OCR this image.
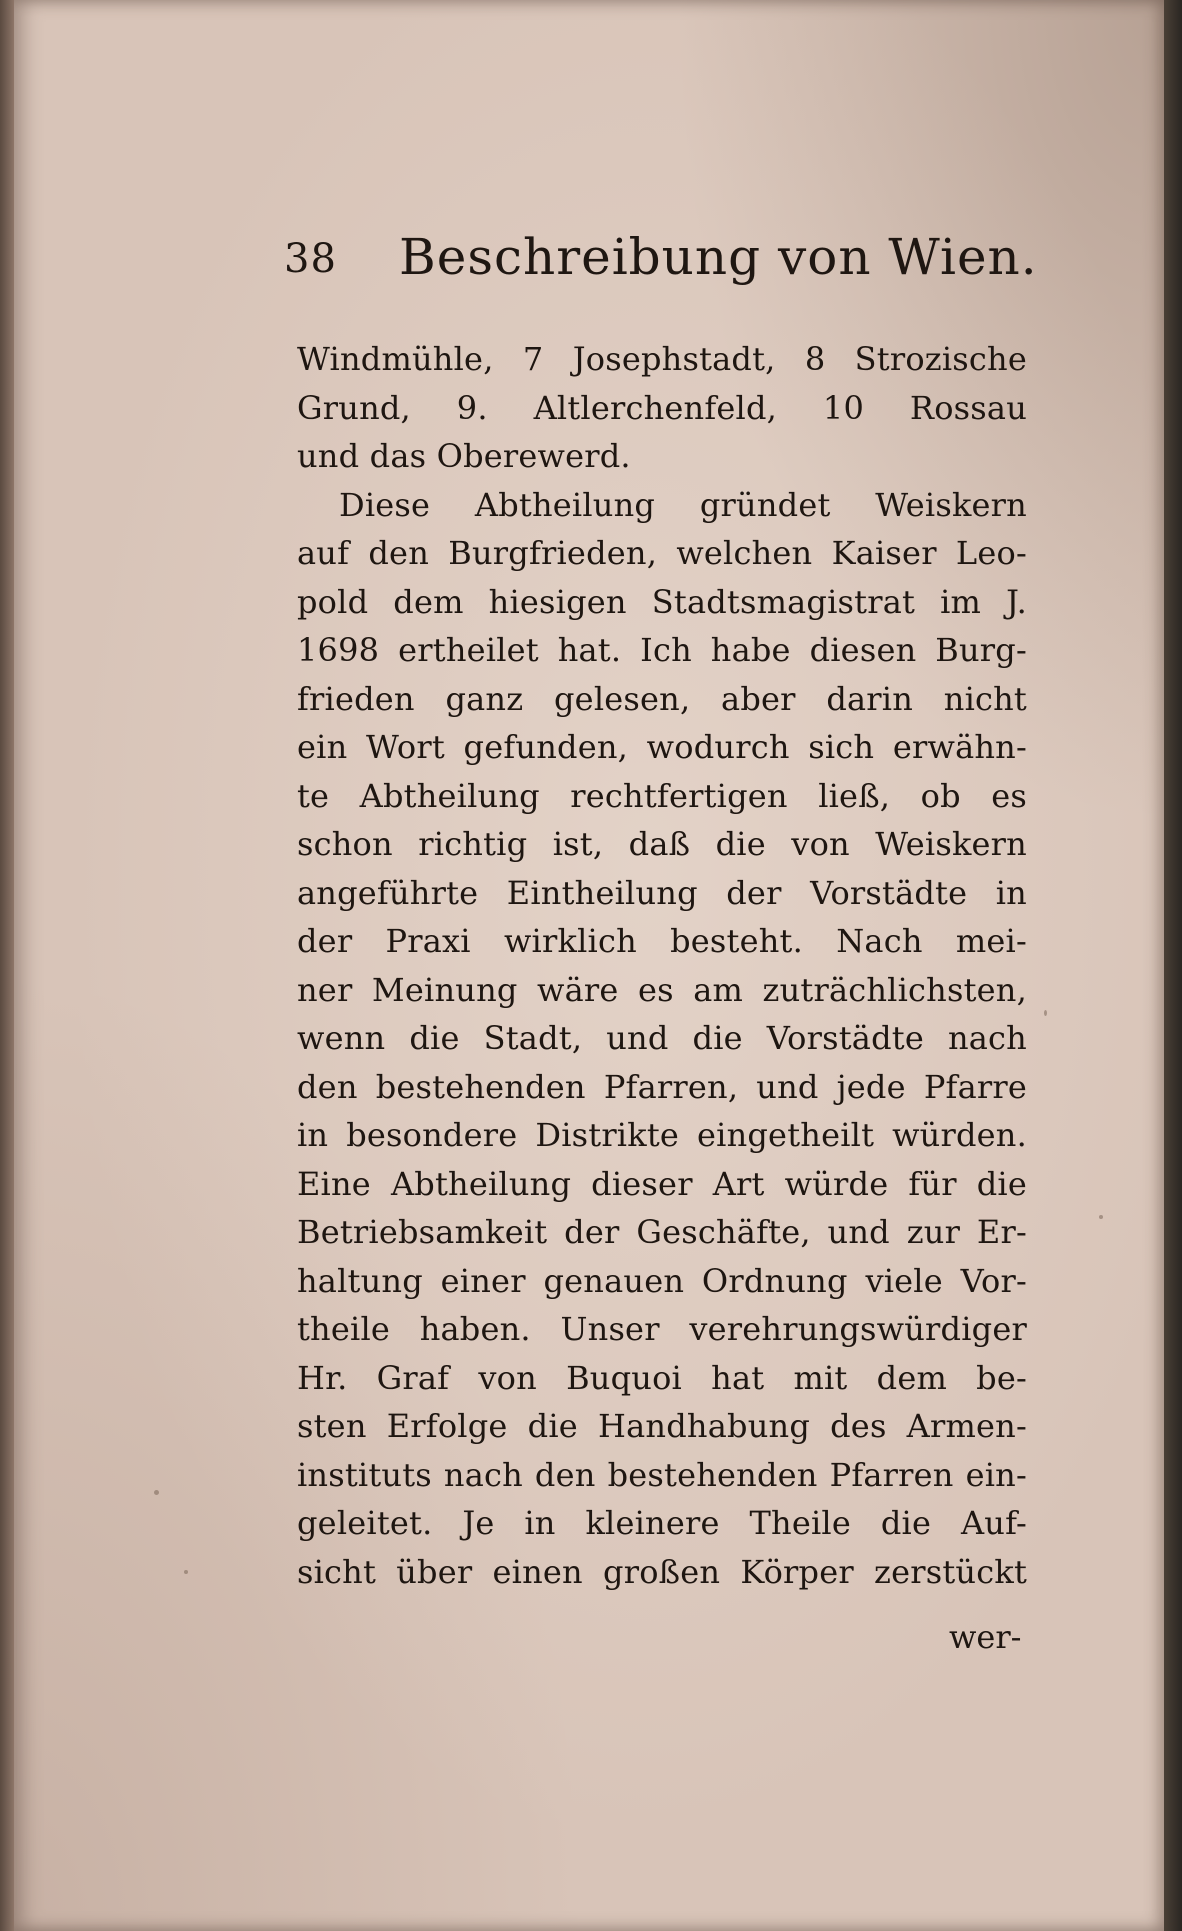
38 Beschreibung von Wien.
Windmühle, 7 Josephstadt, 8 Strozische
Grund, 9. Altlerchenfeld, 10 Rossau
und das Oberewerd.
Diese Abtheilung gründet Weiskern
auf den Burgfrieden, welchen Kaiser Leo-
pold dem hiesigen Stadtsmagistrat im J.
1698 ertheilet hat. Ich habe diesen Burg-
frieden ganz gelesen, aber darin nicht
ein Wort gefunden, wodurch sich erwähn-
te Abtheilung rechtfertigen ließ, ob es
schon richtig ist, daß die von Weiskern
angeführte Eintheilung der Vorstädte in
der Praxi wirklich besteht. Nach mei-
ner Meinung wäre es am zuträchlichsten,
wenn die Stadt, und die Vorstädte nach
den bestehenden Pfarren, und jede Pfarre
in besondere Distrikte eingetheilt würden.
Eine Abtheilung dieser Art würde für die
Betriebsamkeit der Geschäfte, und zur Er-
haltung einer genauen Ordnung viele Vor-
theile haben. Unser verehrungswürdiger
Hr. Graf von Buquoi hat mit dem be-
sten Erfolge die Handhabung des Armen-
instituts nach den bestehenden Pfarren ein-
geleitet. Je in kleinere Theile die Auf-
sicht über einen großen Körper zerstückt
wer-
